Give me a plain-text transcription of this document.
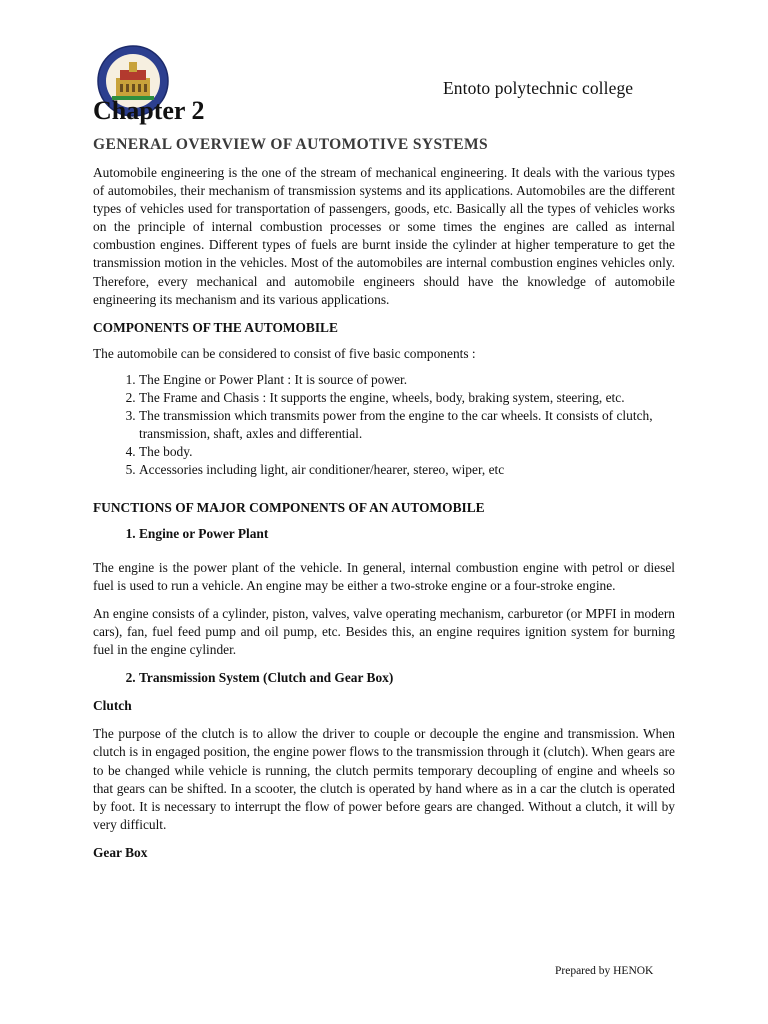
Entoto polytechnic college
Chapter 2
GENERAL OVERVIEW OF AUTOMOTIVE SYSTEMS

Automobile engineering is the one of the stream of mechanical engineering. It deals with the various types of automobiles, their mechanism of transmission systems and its applications. Automobiles are the different types of vehicles used for transportation of passengers, goods, etc. Basically all the types of vehicles works on the principle of internal combustion processes or some times the engines are called as internal combustion engines. Different types of fuels are burnt inside the cylinder at higher temperature to get the transmission motion in the vehicles. Most of the automobiles are internal combustion engines vehicles only. Therefore, every mechanical and automobile engineers should have the knowledge of automobile engineering its mechanism and its various applications.

COMPONENTS OF THE AUTOMOBILE

The automobile can be considered to consist of five basic components :

1. The Engine or Power Plant : It is source of power.
2. The Frame and Chasis : It supports the engine, wheels, body, braking system, steering, etc.
3. The transmission which transmits power from the engine to the car wheels. It consists of clutch, transmission, shaft, axles and differential.
4. The body.
5. Accessories including light, air conditioner/hearer, stereo, wiper, etc

FUNCTIONS OF MAJOR COMPONENTS OF AN AUTOMOBILE

1. Engine or Power Plant

The engine is the power plant of the vehicle. In general, internal combustion engine with petrol or diesel fuel is used to run a vehicle. An engine may be either a two-stroke engine or a four-stroke engine.

An engine consists of a cylinder, piston, valves, valve operating mechanism, carburetor (or MPFI in modern cars), fan, fuel feed pump and oil pump, etc. Besides this, an engine requires ignition system for burning fuel in the engine cylinder.

2. Transmission System (Clutch and Gear Box)

Clutch

The purpose of the clutch is to allow the driver to couple or decouple the engine and transmission. When clutch is in engaged position, the engine power flows to the transmission through it (clutch). When gears are to be changed while vehicle is running, the clutch permits temporary decoupling of engine and wheels so that gears can be shifted. In a scooter, the clutch is operated by hand where as in a car the clutch is operated by foot. It is necessary to interrupt the flow of power before gears are changed. Without a clutch, it will by very difficult.

Gear Box

Prepared by HENOK
